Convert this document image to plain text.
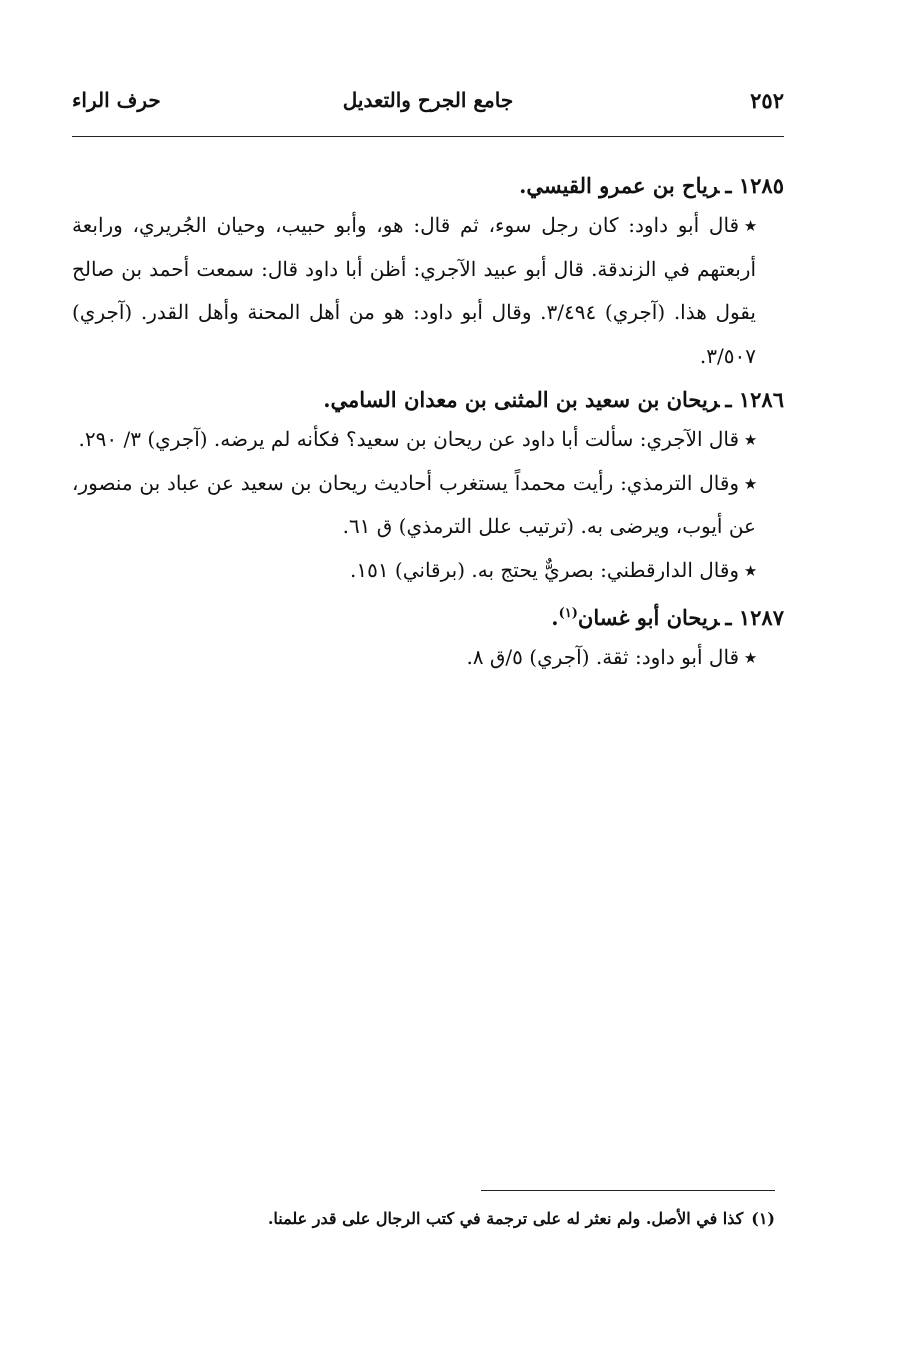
٢٥٢
جامع الجرح والتعديل
حرف الراء

١٢٨٥ ـرياح بن عمرو القيسي.

٭قال أبو داود: كان رجل سوء، ثم قال: هو، وأبو حبيب، وحيان الجُريري، ورابعة أربعتهم في الزندقة. قال أبو عبيد الآجري: أظن أبا داود قال: سمعت أحمد بن صالح يقول هذا. (آجري) ٣/٤٩٤. وقال أبو داود: هو من أهل المحنة وأهل القدر. (آجري) ٣/٥٠٧.

١٢٨٦ ـريحان بن سعيد بن المثنى بن معدان السامي.

٭قال الآجري: سألت أبا داود عن ريحان بن سعيد؟ فكأنه لم يرضه. (آجري) ٣/ ٢٩٠.

٭وقال الترمذي: رأيت محمداً يستغرب أحاديث ريحان بن سعيد عن عباد بن منصور، عن أيوب، ويرضى به. (ترتيب علل الترمذي) ق ٦١.

٭وقال الدارقطني: بصريٌّ يحتج به. (برقاني) ١٥١.

١٢٨٧ ـريحان أبو غسان$^{(١)}$.

٭قال أبو داود: ثقة. (آجري) ٥/ق ٨.

(١)كذا في الأصل. ولم نعثر له على ترجمة في كتب الرجال على قدر علمنا.
